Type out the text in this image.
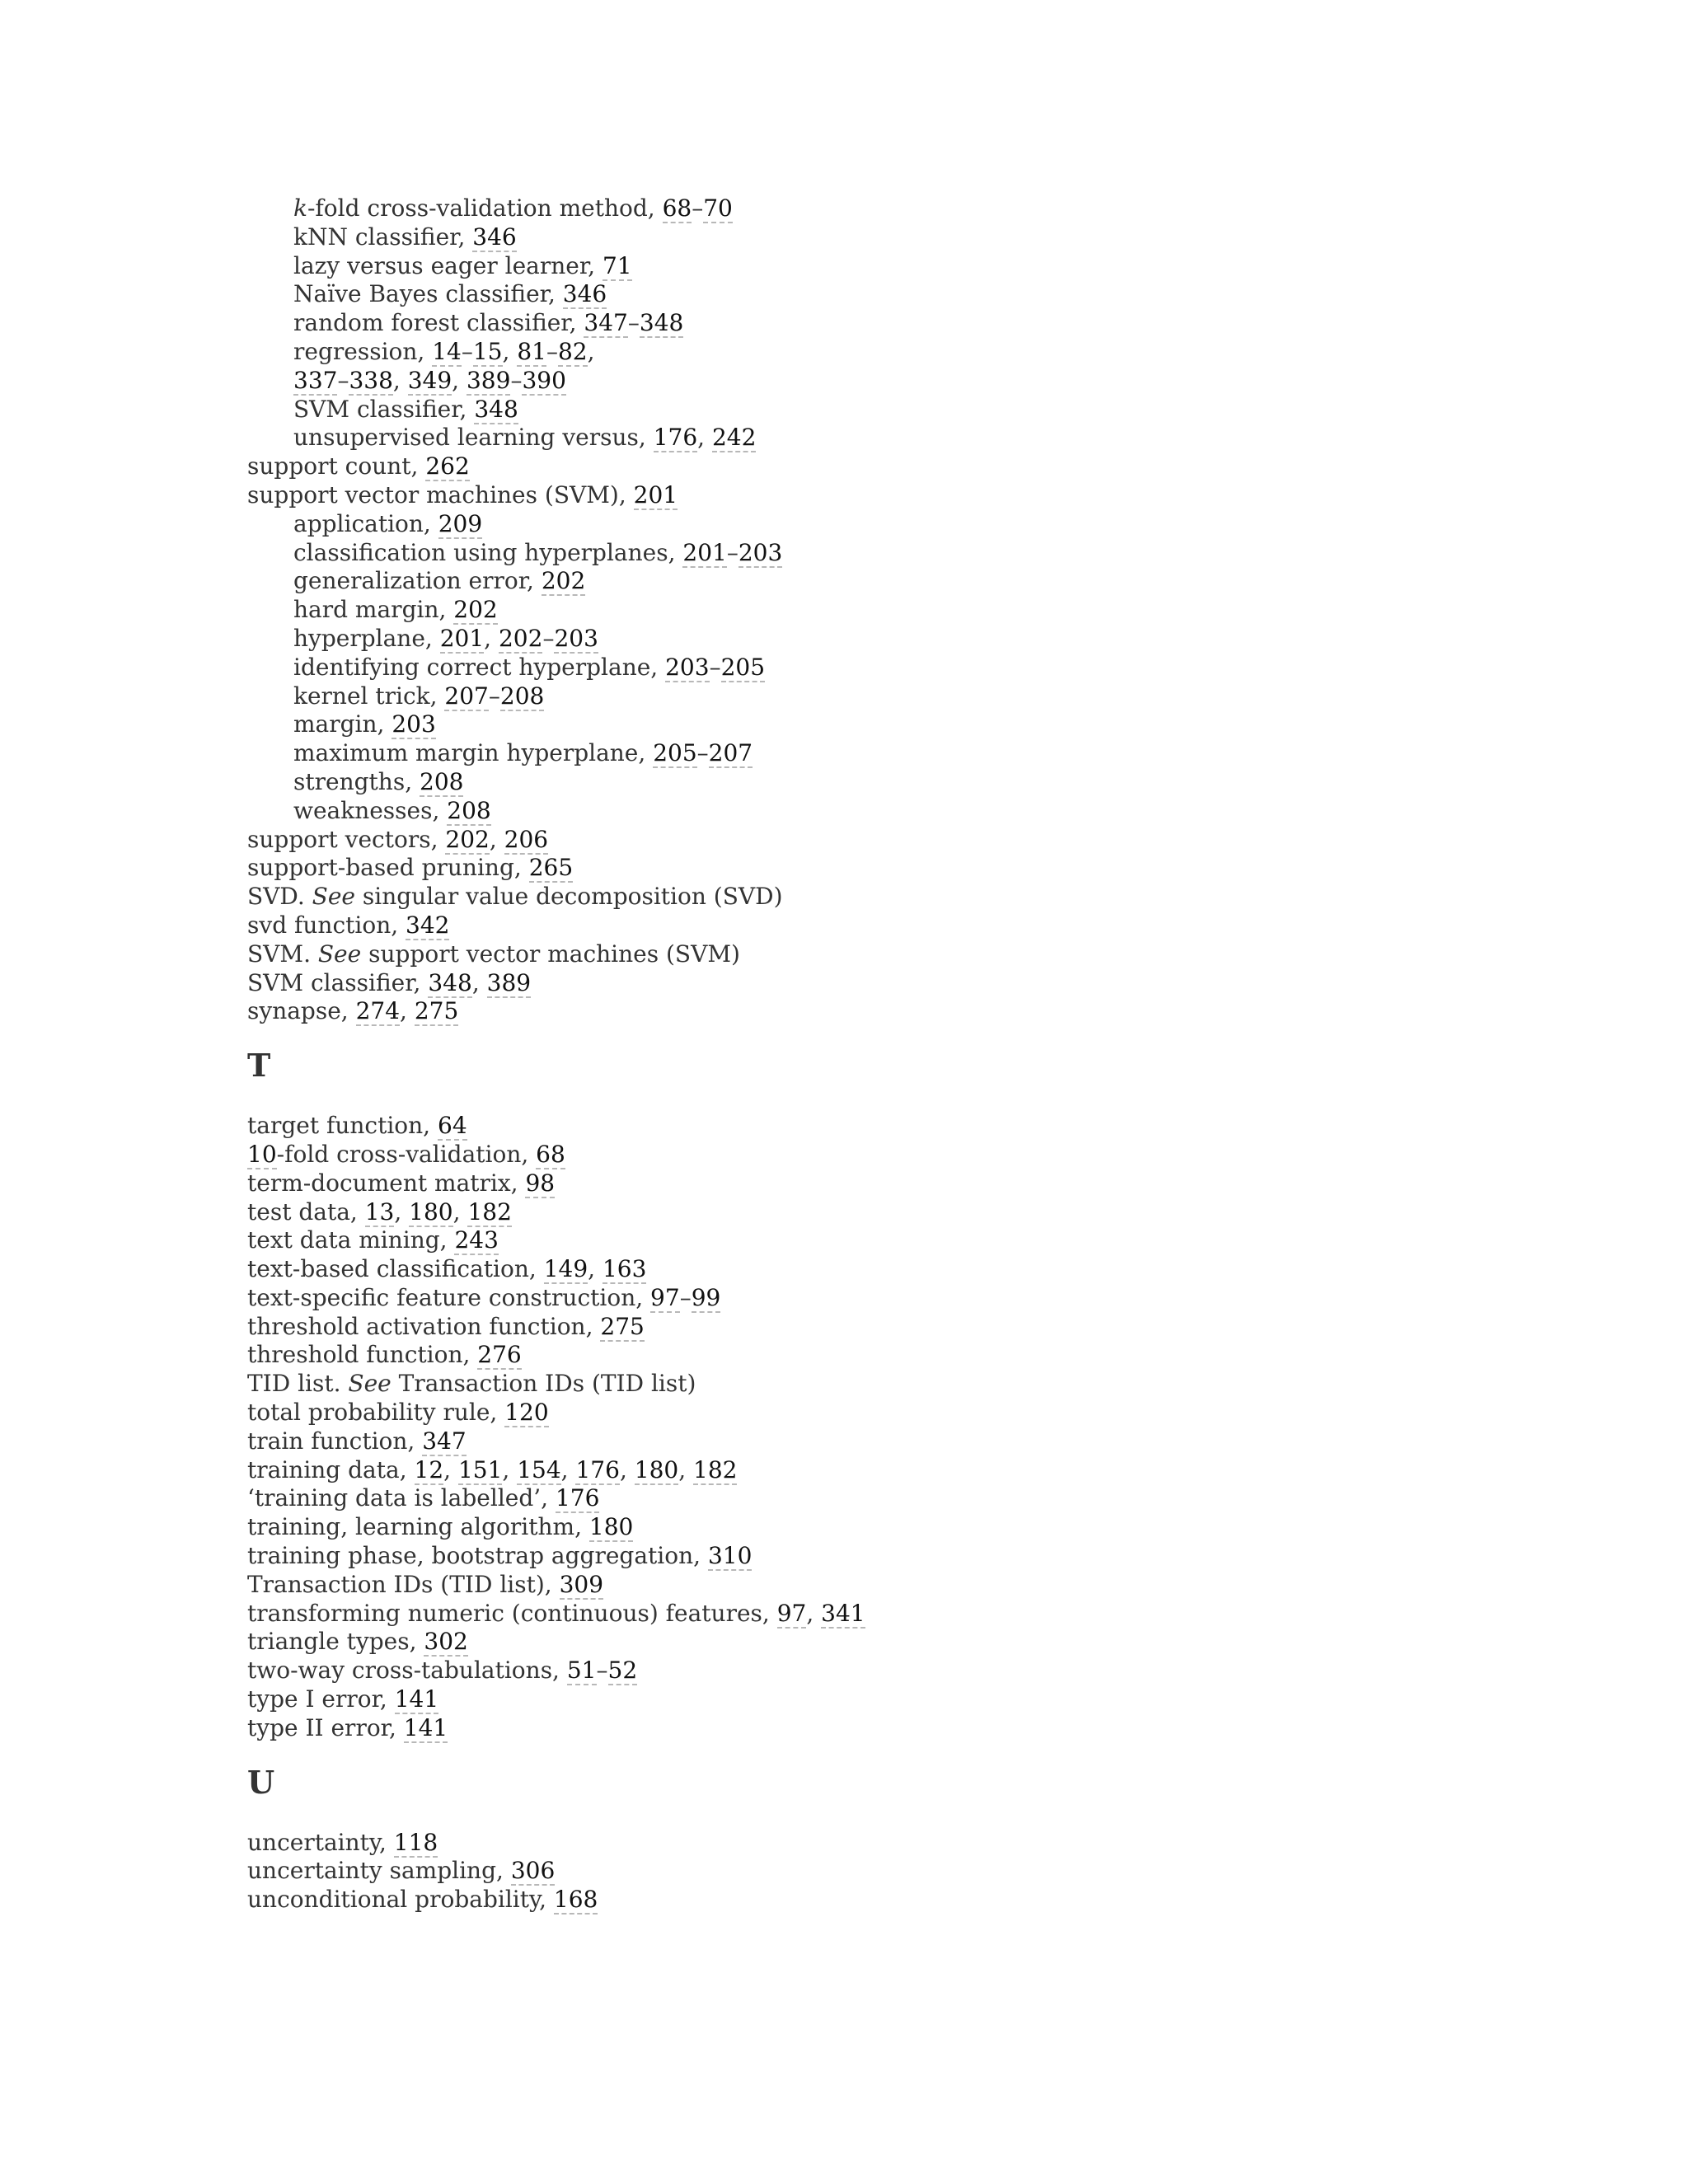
k-fold cross-validation method, 68–70
kNN classifier, 346
lazy versus eager learner, 71
Naïve Bayes classifier, 346
random forest classifier, 347–348
regression, 14–15, 81–82,
337–338, 349, 389–390
SVM classifier, 348
unsupervised learning versus, 176, 242
support count, 262
support vector machines (SVM), 201
application, 209
classification using hyperplanes, 201–203
generalization error, 202
hard margin, 202
hyperplane, 201, 202–203
identifying correct hyperplane, 203–205
kernel trick, 207–208
margin, 203
maximum margin hyperplane, 205–207
strengths, 208
weaknesses, 208
support vectors, 202, 206
support-based pruning, 265
SVD. See singular value decomposition (SVD)
svd function, 342
SVM. See support vector machines (SVM)
SVM classifier, 348, 389
synapse, 274, 275
T
target function, 64
10-fold cross-validation, 68
term-document matrix, 98
test data, 13, 180, 182
text data mining, 243
text-based classification, 149, 163
text-specific feature construction, 97–99
threshold activation function, 275
threshold function, 276
TID list. See Transaction IDs (TID list)
total probability rule, 120
train function, 347
training data, 12, 151, 154, 176, 180, 182
‘training data is labelled’, 176
training, learning algorithm, 180
training phase, bootstrap aggregation, 310
Transaction IDs (TID list), 309
transforming numeric (continuous) features, 97, 341
triangle types, 302
two-way cross-tabulations, 51–52
type I error, 141
type II error, 141
U
uncertainty, 118
uncertainty sampling, 306
unconditional probability, 168
